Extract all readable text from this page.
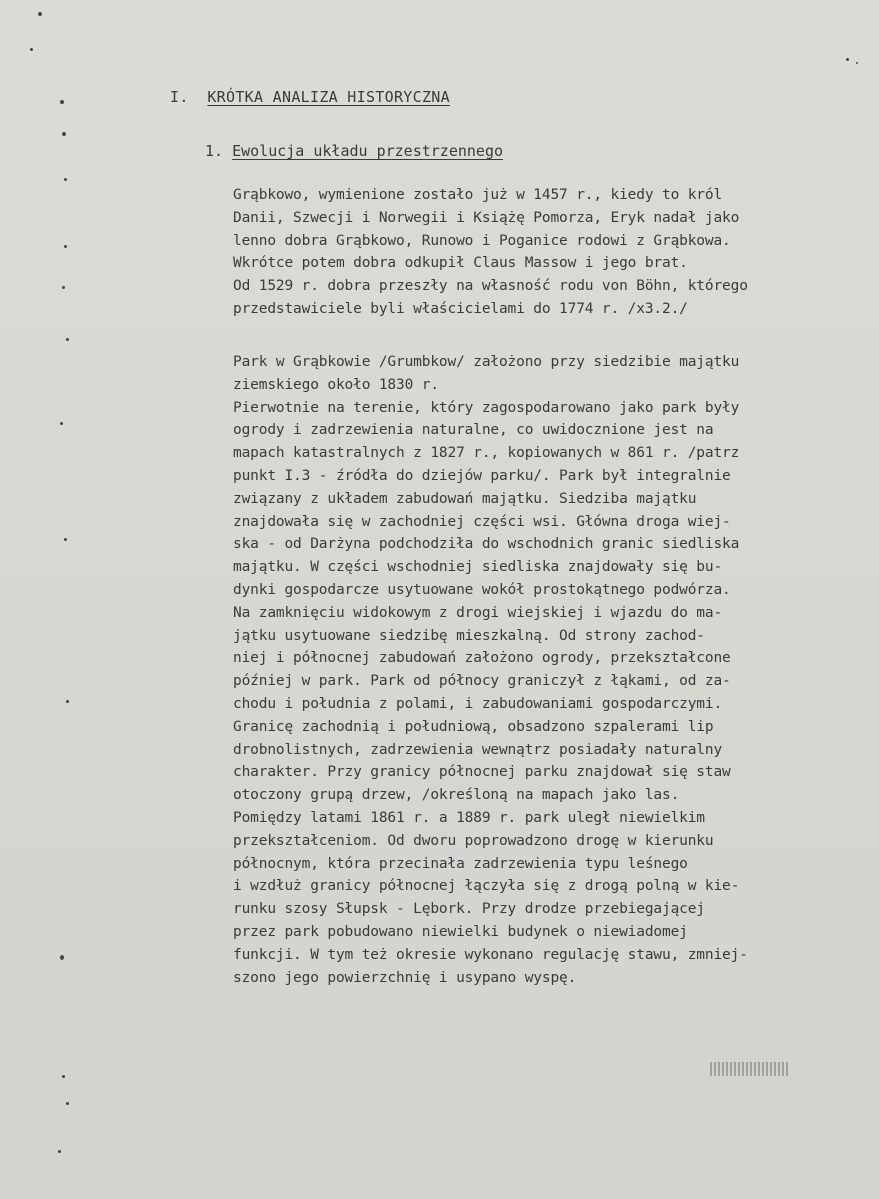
I. KRÓTKA ANALIZA HISTORYCZNA
1. Ewolucja układu przestrzennego
Grąbkowo, wymienione zostało już w 1457 r., kiedy to król
Danii, Szwecji i Norwegii i Książę Pomorza, Eryk nadał jako
lenno dobra Grąbkowo, Runowo i Poganice rodowi z Grąbkowa.
Wkrótce potem dobra odkupił Claus Massow i jego brat.
Od 1529 r. dobra przeszły na własność rodu von Böhn, którego
przedstawiciele byli właścicielami do 1774 r. /x3.2./
Park w Grąbkowie /Grumbkow/ założono przy siedzibie majątku
ziemskiego około 1830 r.
Pierwotnie na terenie, który zagospodarowano jako park były
ogrody i zadrzewienia naturalne, co uwidocznione jest na
mapach katastralnych z 1827 r., kopiowanych w 861 r. /patrz
punkt I.3 - źródła do dziejów parku/. Park był integralnie
związany z układem zabudowań majątku. Siedziba majątku
znajdowała się w zachodniej części wsi. Główna droga wiej-
ska - od Darżyna podchodziła do wschodnich granic siedliska
majątku. W części wschodniej siedliska znajdowały się bu-
dynki gospodarcze usytuowane wokół prostokątnego podwórza.
Na zamknięciu widokowym z drogi wiejskiej i wjazdu do ma-
jątku usytuowane siedzibę mieszkalną. Od strony zachod-
niej i północnej zabudowań założono ogrody, przekształcone
później w park. Park od północy graniczył z łąkami, od za-
chodu i południa z polami, i zabudowaniami gospodarczymi.
Granicę zachodnią i południową, obsadzono szpalerami lip
drobnolistnych, zadrzewienia wewnątrz posiadały naturalny
charakter. Przy granicy północnej parku znajdował się staw
otoczony grupą drzew, /określoną na mapach jako las.
Pomiędzy latami 1861 r. a 1889 r. park uległ niewielkim
przekształceniom. Od dworu poprowadzono drogę w kierunku
północnym, która przecinała zadrzewienia typu leśnego
i wzdłuż granicy północnej łączyła się z drogą polną w kie-
runku szosy Słupsk - Lębork. Przy drodze przebiegającej
przez park pobudowano niewielki budynek o niewiadomej
funkcji. W tym też okresie wykonano regulację stawu, zmniej-
szono jego powierzchnię i usypano wyspę.
